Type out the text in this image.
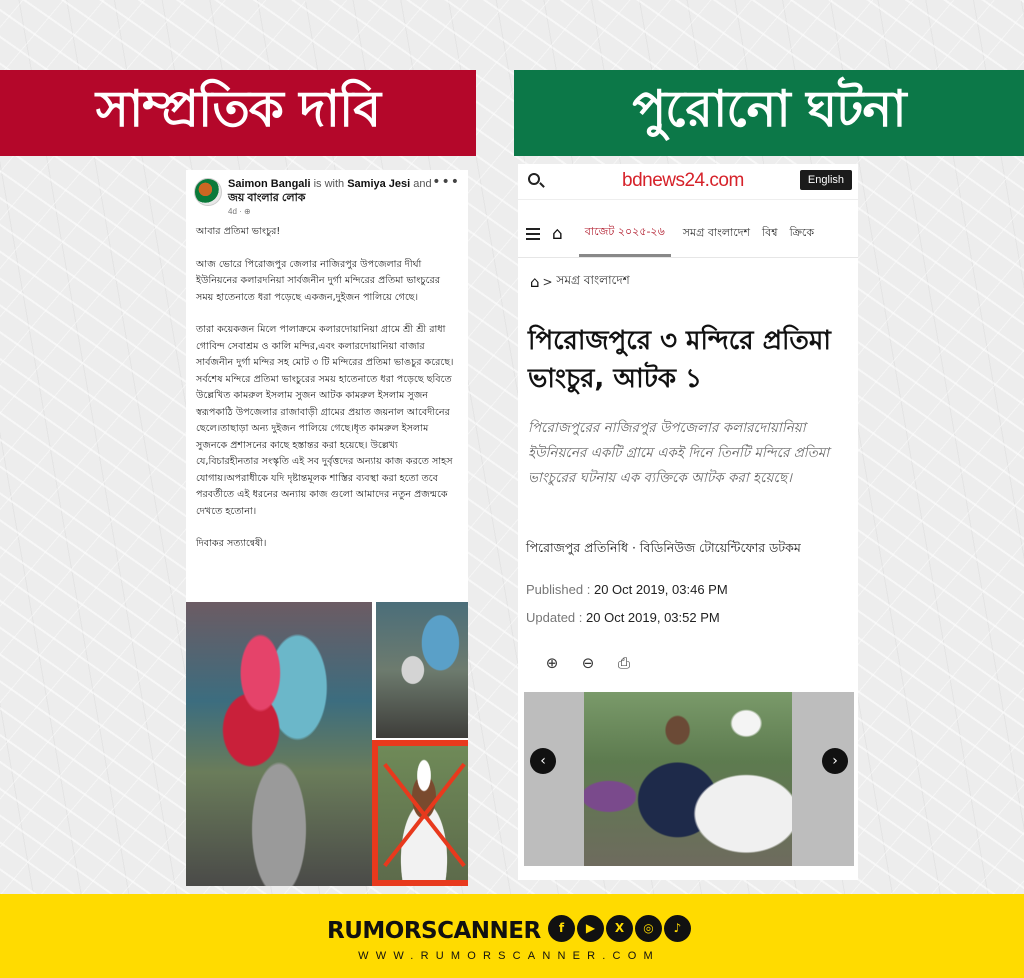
সাম্প্রতিক দাবি	পুরোনো ঘটনা
Saimon Bangali is with Samiya Jesi and জয় বাংলার লোক
4d · ⊕
•••

আবার প্রতিমা ভাংচুর!

আজ ভোরে পিরোজপুর জেলার নাজিরপুর উপজেলার দীর্ঘা ইউনিয়নের কলারদনিয়া সার্বজনীন দুর্গা মন্দিরের প্রতিমা ভাংচুরের সময় হাতেনাতে ধরা পড়েছে একজন,দুইজন পালিয়ে গেছে।

তারা কয়েকজন মিলে পালাক্রমে কলারদোয়ানিয়া গ্রামে শ্রী শ্রী রাধা গোবিন্দ সেবাশ্রম ও কালি মন্দির,এবং কলারদোয়ানিয়া বাজার সার্বজনীন দুর্গা মন্দির সহ মোট ৩ টি মন্দিরের প্রতিমা ভাঙচুর করেছে।সর্বশেষ মন্দিরে প্রতিমা ভাংচুরের সময় হাতেনাতে ধরা পড়েছে ছবিতে উল্লেখিত কামরুল ইসলাম সুজন আটক কামরুল ইসলাম সুজন স্বরূপকাঠি উপজেলার রাজাবাড়ী গ্রামের প্রয়াত জয়নাল আবেদীনের ছেলে।তাছাড়া অন্য দুইজন পালিয়ে গেছে।ধৃত কামরুল ইসলাম সুজনকে প্রশাসনের কাছে হস্তান্তর করা হয়েছে। উল্লেখ্য যে,বিচারহীনতার সংস্কৃতি এই সব দুর্বৃত্তদের অন্যায় কাজ করতে সাহস যোগায়।অপরাধীকে যদি দৃষ্টান্তমূলক শাস্তির ব্যবস্থা করা হতো তবে পরবর্তীতে এই ধরনের অন্যায় কাজ গুলো আমাদের নতুন প্রজন্মকে দেখতে হতোনা।

দিবাকর সত্যান্বেষী।

bdnews24.com	English
⌂	বাজেট ২০২৫-২৬	সমগ্র বাংলাদেশ বিশ্ব ক্রিকে
⌂ > সমগ্র বাংলাদেশ
পিরোজপুরে ৩ মন্দিরে প্রতিমা ভাংচুর, আটক ১
পিরোজপুরের নাজিরপুর উপজেলার কলারদোয়ানিয়া ইউনিয়নের একটি গ্রামে একই দিনে তিনটি মন্দিরে প্রতিমা ভাংচুরের ঘটনায় এক ব্যক্তিকে আটক করা হয়েছে।
পিরোজপুর প্রতিনিধি · বিডিনিউজ টোয়েন্টিফোর ডটকম
Published : 20 Oct 2019, 03:46 PM
Updated : 20 Oct 2019, 03:52 PM
⊕ ⊖ ⎙
‹	›
RUMORSCANNER	f	▶	X	◎	♪
WWW.RUMORSCANNER.COM
